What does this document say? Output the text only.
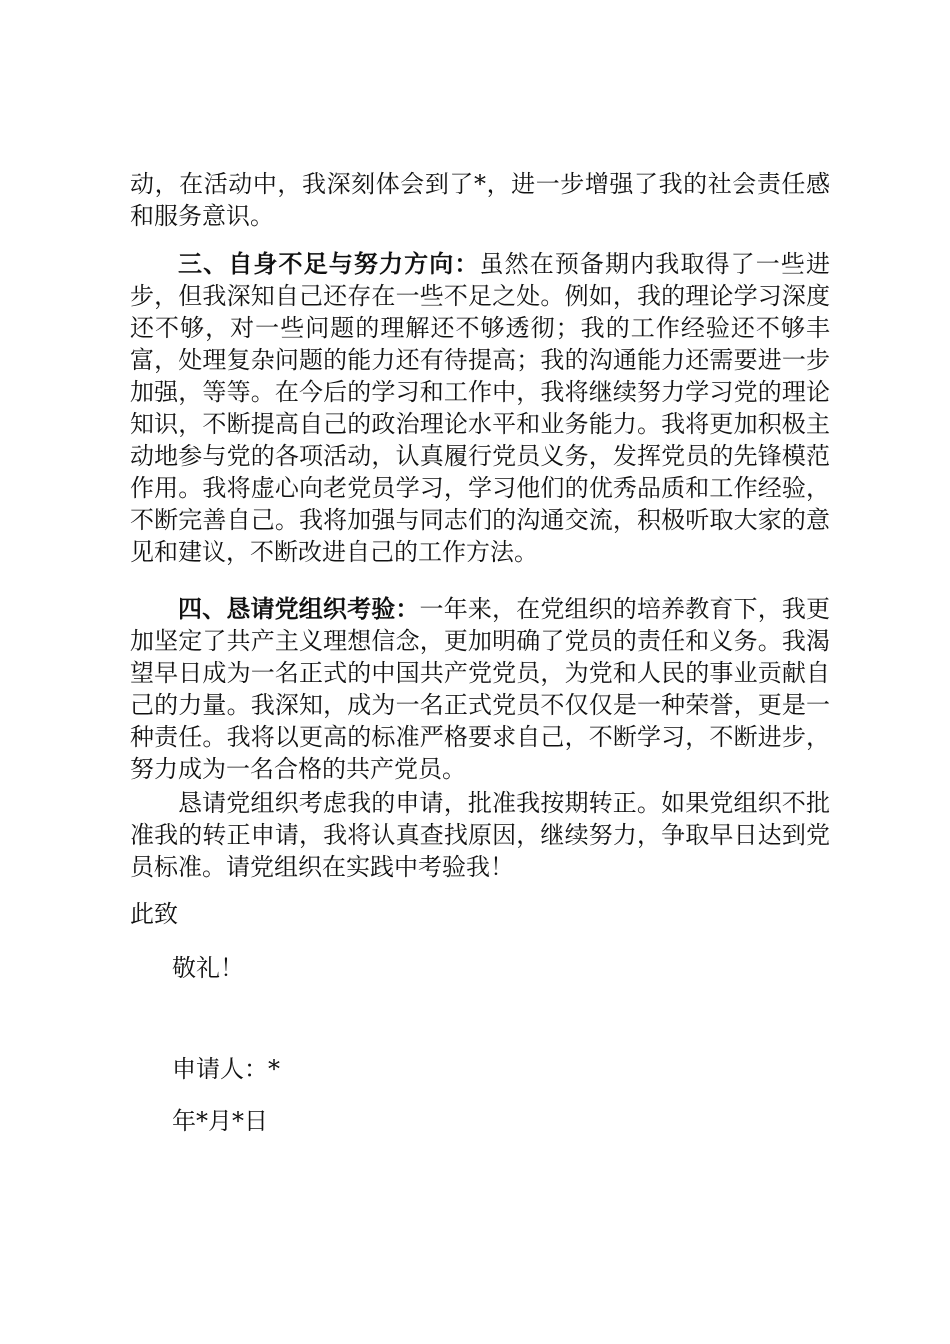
动，在活动中，我深刻体会到了*，进一步增强了我的社会责任感和服务意识。

三、自身不足与努力方向：虽然在预备期内我取得了一些进步，但我深知自己还存在一些不足之处。例如，我的理论学习深度还不够，对一些问题的理解还不够透彻；我的工作经验还不够丰富，处理复杂问题的能力还有待提高；我的沟通能力还需要进一步加强，等等。在今后的学习和工作中，我将继续努力学习党的理论知识，不断提高自己的政治理论水平和业务能力。我将更加积极主动地参与党的各项活动，认真履行党员义务，发挥党员的先锋模范作用。我将虚心向老党员学习，学习他们的优秀品质和工作经验，不断完善自己。我将加强与同志们的沟通交流，积极听取大家的意见和建议，不断改进自己的工作方法。

四、恳请党组织考验：一年来，在党组织的培养教育下，我更加坚定了共产主义理想信念，更加明确了党员的责任和义务。我渴望早日成为一名正式的中国共产党党员，为党和人民的事业贡献自己的力量。我深知，成为一名正式党员不仅仅是一种荣誉，更是一种责任。我将以更高的标准严格要求自己，不断学习，不断进步，努力成为一名合格的共产党员。

恳请党组织考虑我的申请，批准我按期转正。如果党组织不批准我的转正申请，我将认真查找原因，继续努力，争取早日达到党员标准。请党组织在实践中考验我！

此致

敬礼！

申请人：*

年*月*日
